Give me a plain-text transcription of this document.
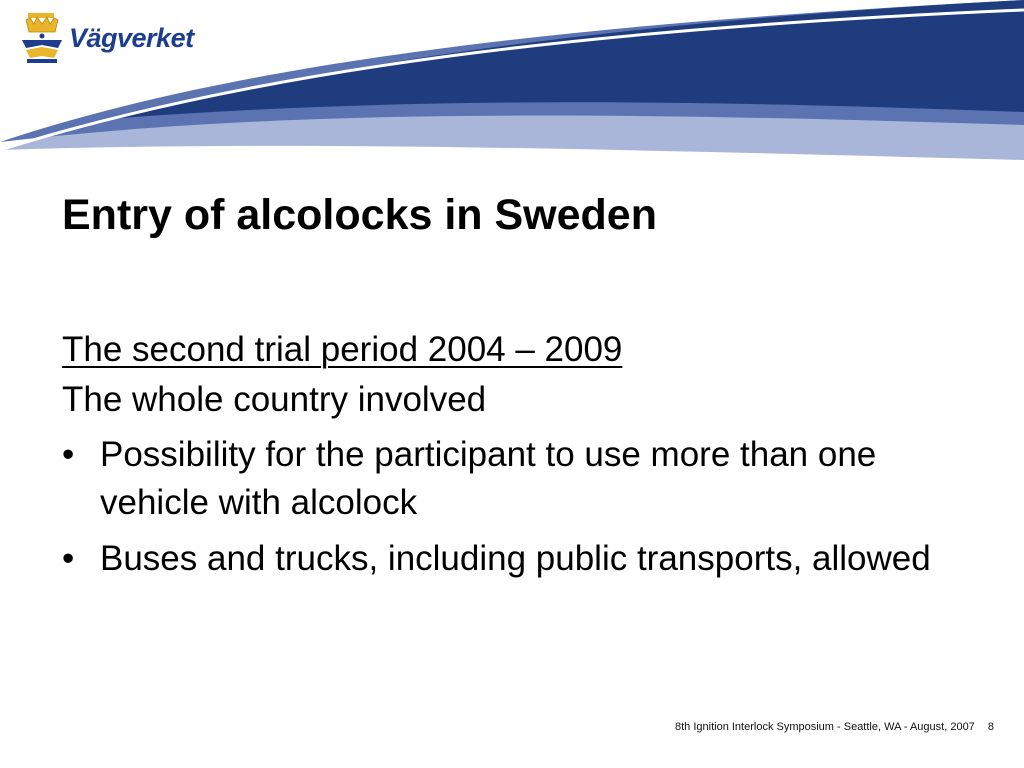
Vägverket
Entry of alcolocks in Sweden

The second trial period 2004 – 2009

The whole country involved

• Possibility for the participant to use more than one vehicle with alcolock
• Buses and trucks, including public transports, allowed
8th Ignition Interlock Symposium - Seattle, WA - August, 2007 8
